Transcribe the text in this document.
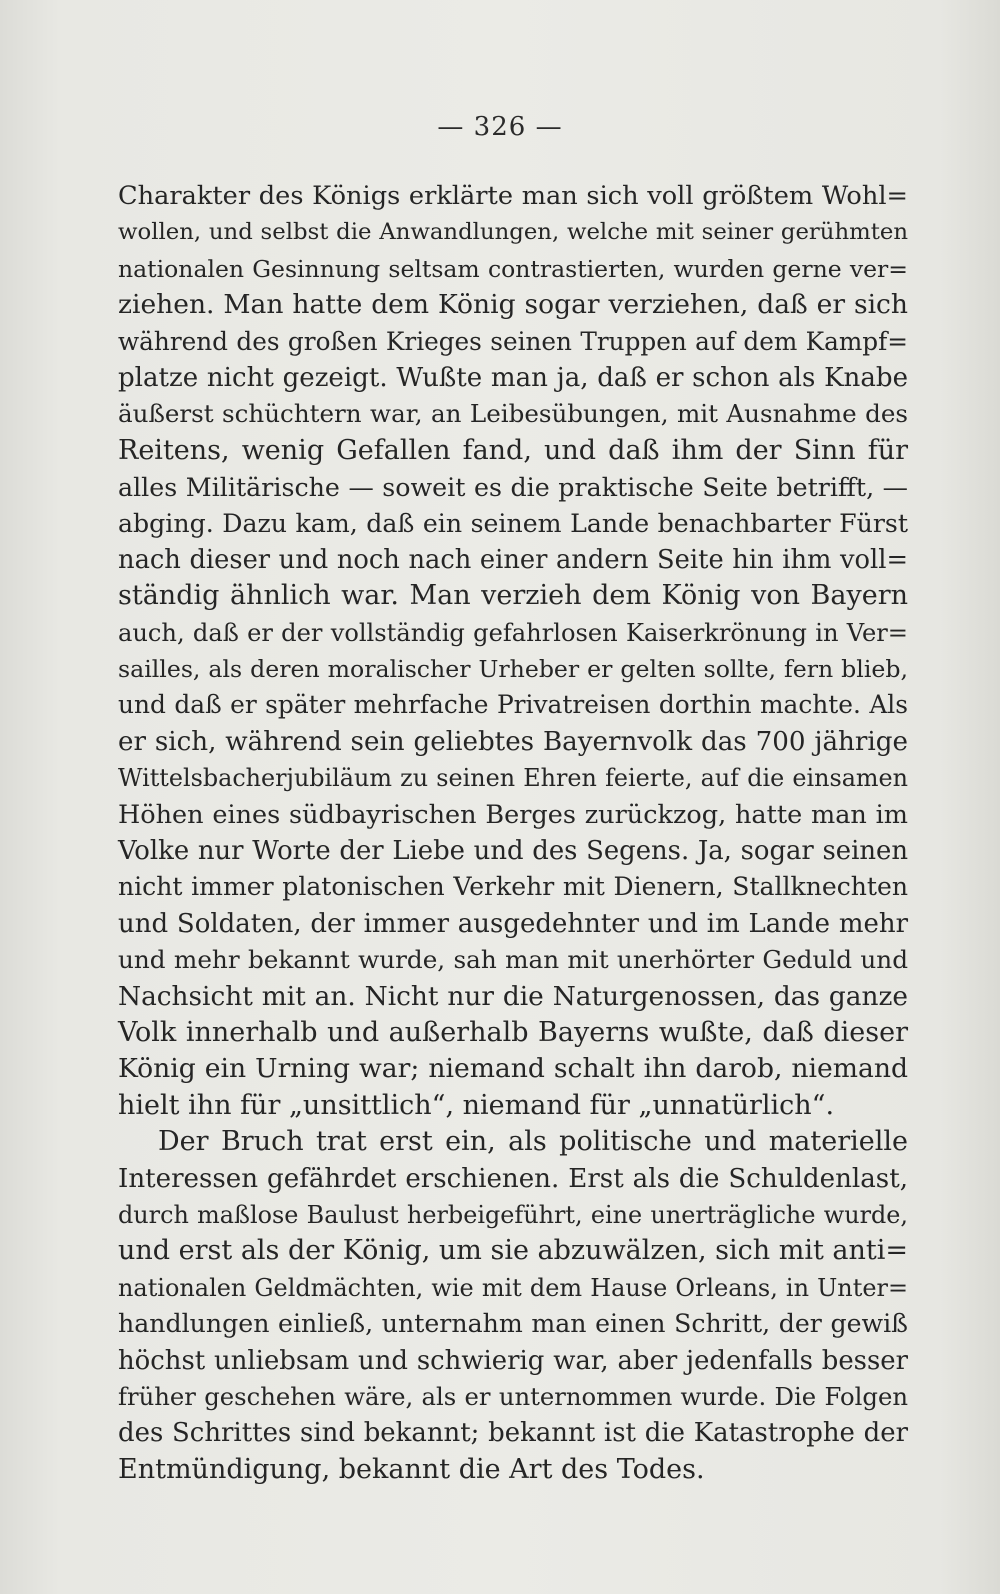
— 326 —
Charakter des Königs erklärte man sich voll größtem Wohl=
wollen, und selbst die Anwandlungen, welche mit seiner gerühmten
nationalen Gesinnung seltsam contrastierten, wurden gerne ver=
ziehen. Man hatte dem König sogar verziehen, daß er sich
während des großen Krieges seinen Truppen auf dem Kampf=
platze nicht gezeigt. Wußte man ja, daß er schon als Knabe
äußerst schüchtern war, an Leibesübungen, mit Ausnahme des
Reitens, wenig Gefallen fand, und daß ihm der Sinn für
alles Militärische — soweit es die praktische Seite betrifft, —
abging. Dazu kam, daß ein seinem Lande benachbarter Fürst
nach dieser und noch nach einer andern Seite hin ihm voll=
ständig ähnlich war. Man verzieh dem König von Bayern
auch, daß er der vollständig gefahrlosen Kaiserkrönung in Ver=
sailles, als deren moralischer Urheber er gelten sollte, fern blieb,
und daß er später mehrfache Privatreisen dorthin machte. Als
er sich, während sein geliebtes Bayernvolk das 700 jährige
Wittelsbacherjubiläum zu seinen Ehren feierte, auf die einsamen
Höhen eines südbayrischen Berges zurückzog, hatte man im
Volke nur Worte der Liebe und des Segens. Ja, sogar seinen
nicht immer platonischen Verkehr mit Dienern, Stallknechten
und Soldaten, der immer ausgedehnter und im Lande mehr
und mehr bekannt wurde, sah man mit unerhörter Geduld und
Nachsicht mit an. Nicht nur die Naturgenossen, das ganze
Volk innerhalb und außerhalb Bayerns wußte, daß dieser
König ein Urning war; niemand schalt ihn darob, niemand
hielt ihn für „unsittlich“, niemand für „unnatürlich“.
Der Bruch trat erst ein, als politische und materielle
Interessen gefährdet erschienen. Erst als die Schuldenlast,
durch maßlose Baulust herbeigeführt, eine unerträgliche wurde,
und erst als der König, um sie abzuwälzen, sich mit anti=
nationalen Geldmächten, wie mit dem Hause Orleans, in Unter=
handlungen einließ, unternahm man einen Schritt, der gewiß
höchst unliebsam und schwierig war, aber jedenfalls besser
früher geschehen wäre, als er unternommen wurde. Die Folgen
des Schrittes sind bekannt; bekannt ist die Katastrophe der
Entmündigung, bekannt die Art des Todes.
